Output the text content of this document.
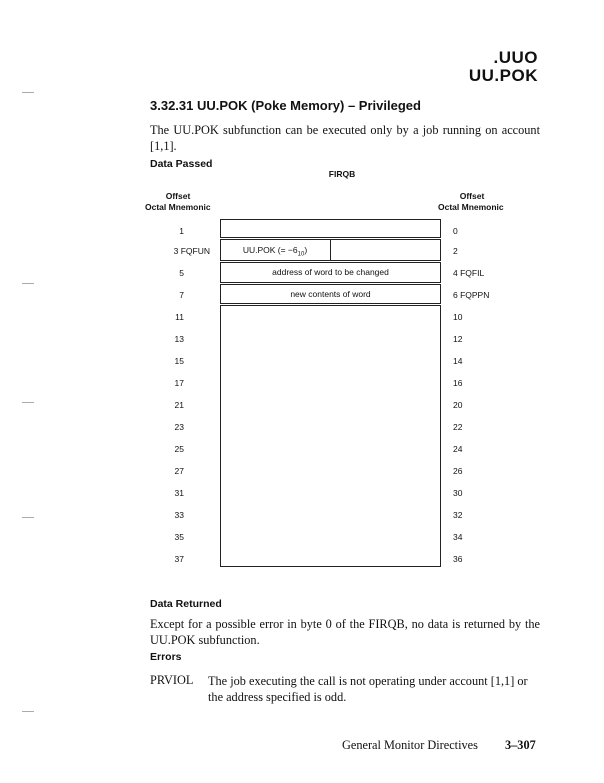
.UUO
UU.POK
3.32.31 UU.POK (Poke Memory) – Privileged
The UU.POK subfunction can be executed only by a job running on account [1,1].
Data Passed
FIRQB
Offset
Octal Mnemonic
Offset
Octal Mnemonic
1
3 FQFUN
5
7
11
13
15
17
21
23
25
27
31
33
35
37
0
2
4 FQFIL
6 FQPPN
10
12
14
16
20
22
24
26
30
32
34
36
UU.POK (= $-6_{10}$)
address of word to be changed
new contents of word
Data Returned
Except for a possible error in byte 0 of the FIRQB, no data is returned by the UU.POK subfunction.
Errors
PRVIOL The job executing the call is not operating under account [1,1] or the address specified is odd.
General Monitor Directives 3–307
